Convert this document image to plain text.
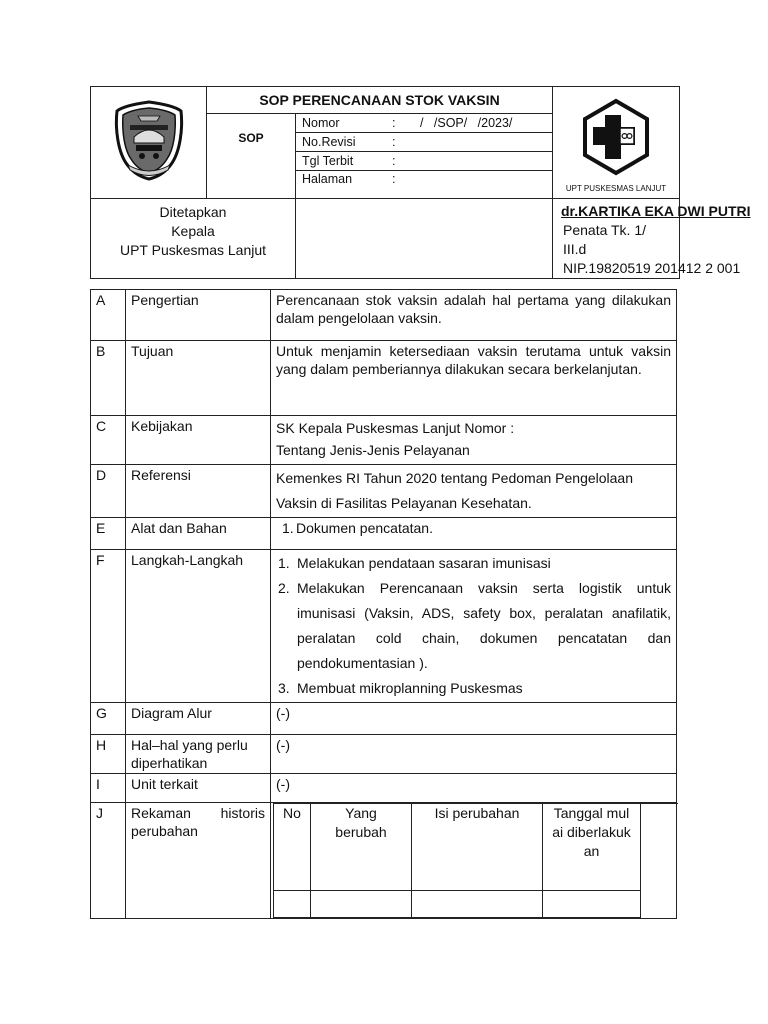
	SOP PERENCANAAN STOK VAKSIN	
UPT PUSKESMAS LANJUT

SOP

Nomor	:	/   /SOP/   /2023/
No.Revisi	:	
Tgl Terbit	:	
Halaman	:	

Ditetapkan
Kepala
UPT Puskesmas Lanjut

dr.KARTIKA EKA DWI PUTRI
Penata Tk. 1/ III.d
NIP.19820519 201412 2 001
A	Pengertian	Perencanaan stok vaksin adalah hal pertama yang dilakukan dalam pengelolaan vaksin.
B	Tujuan	Untuk menjamin ketersediaan vaksin terutama untuk vaksin yang dalam pemberiannya dilakukan secara berkelanjutan.
C	Kebijakan	SK Kepala Puskesmas Lanjut Nomor :
Tentang Jenis-Jenis Pelayanan

D	Referensi	Kemenkes RI Tahun 2020 tentang Pedoman Pengelolaan Vaksin di Fasilitas Pelayanan Kesehatan.
E	Alat dan Bahan	1. Dokumen pencatatan.

F	Langkah-Langkah	1. Melakukan pendataan sasaran imunisasi
2. Melakukan Perencanaan vaksin serta logistik untuk imunisasi (Vaksin, ADS, safety box, peralatan anafilatik, peralatan cold chain, dokumen pencatatan dan pendokumentasian ).
3. Membuat mikroplanning Puskesmas

G	Diagram Alur	(-)
H	Hal–hal yang perlu diperhatikan	(-)
I	Unit terkait	(-)
J	Rekaman historis perubahan	
No	Yang berubah	Isi perubahan	Tanggal mulai diberlakukan	
